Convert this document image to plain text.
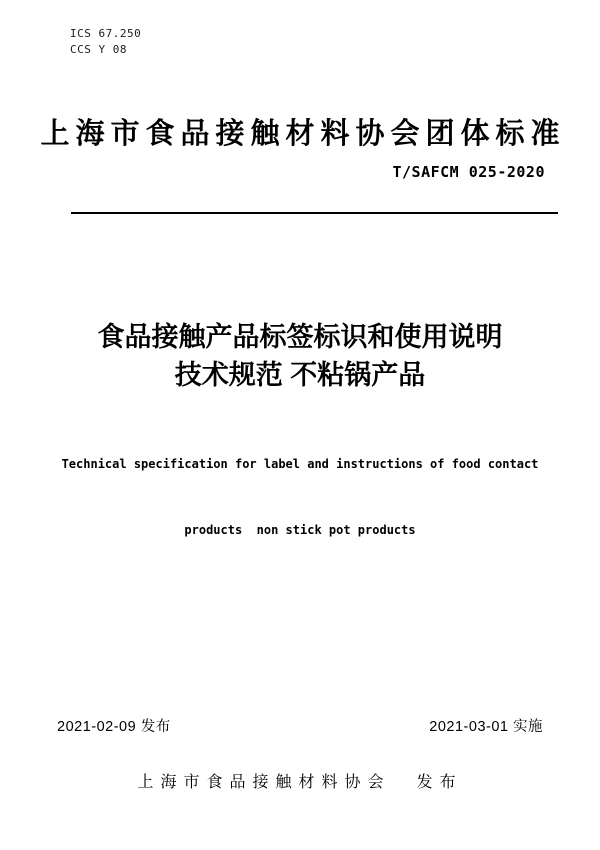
ICS 67.250
CCS Y 08
上海市食品接触材料协会团体标准
T/SAFCM 025-2020
食品接触产品标签标识和使用说明
技术规范 不粘锅产品

Technical specification for label and instructions of food contact

products  non stick pot products

2021-02-09 发布	2021-03-01 实施
上海市食品接触材料协会 发布
